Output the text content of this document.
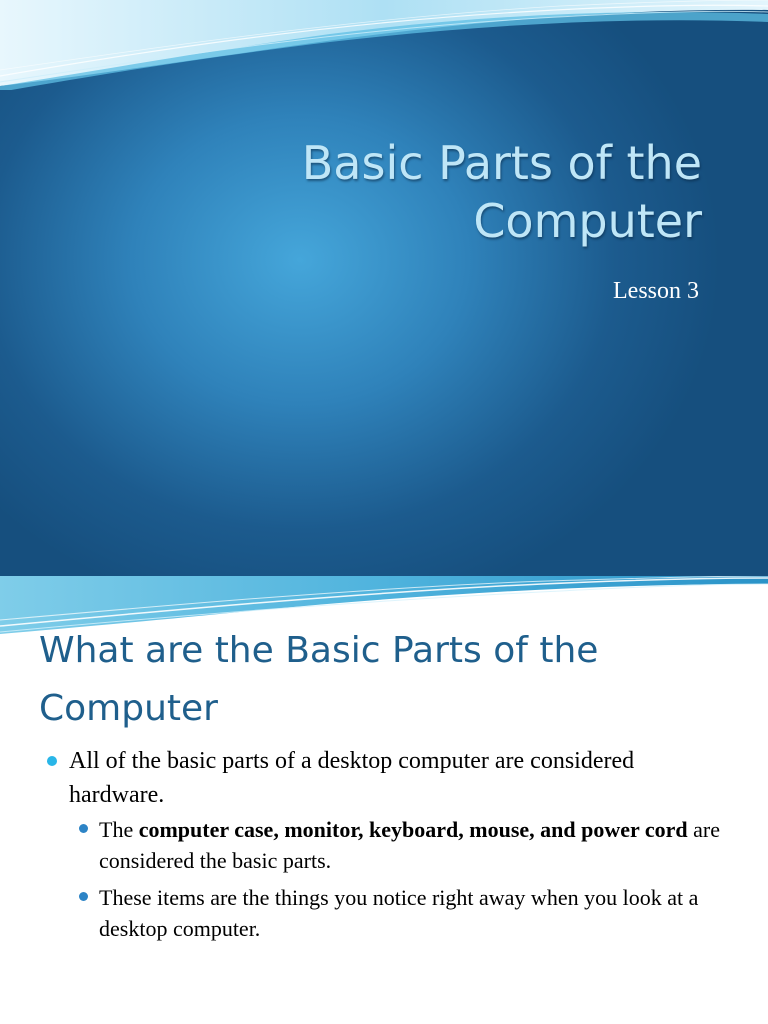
Basic Parts of the
Computer
Lesson 3
What are the Basic Parts of the
Computer
All of the basic parts of a desktop computer are considered hardware.
The computer case, monitor, keyboard, mouse, and power cord are considered the basic parts.
These items are the things you notice right away when you look at a desktop computer.
